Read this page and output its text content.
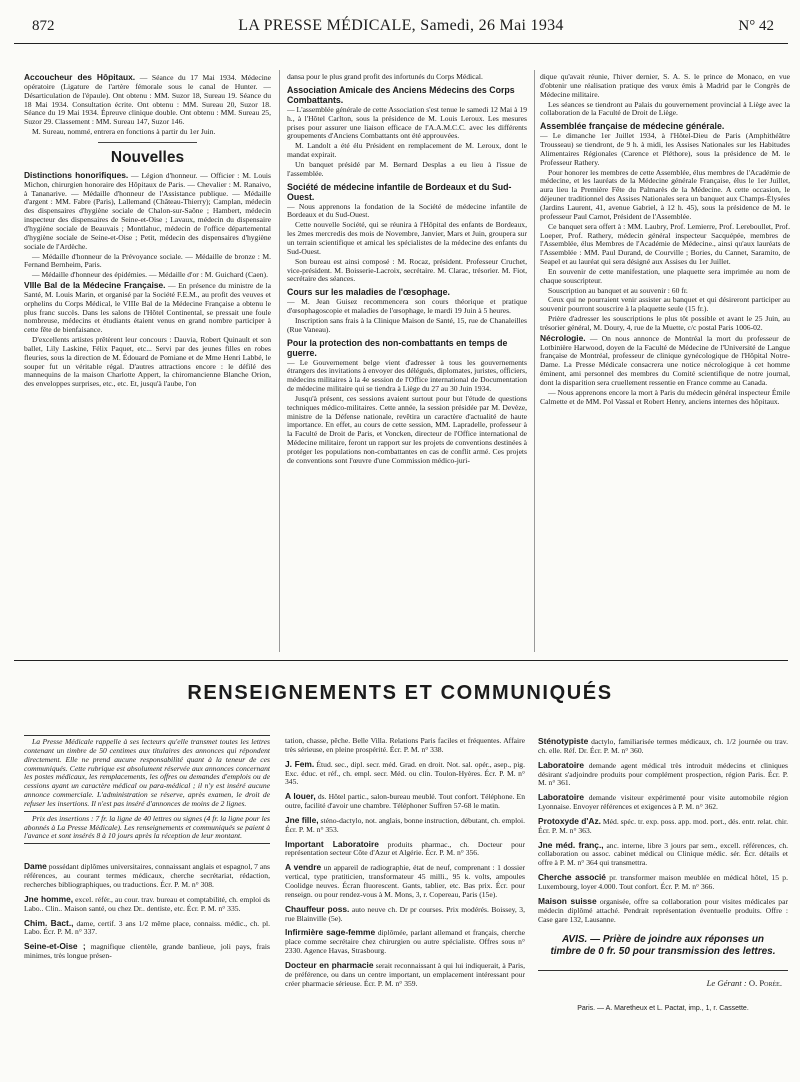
872	LA PRESSE MÉDICALE, Samedi, 26 Mai 1934	N° 42

Accoucheur des Hôpitaux. — Séance du 17 Mai 1934. Médecine opératoire (Ligature de l'artère fémorale sous le canal de Hunter. — Désarticulation de l'épaule). Ont obtenu : MM. Suzor 18, Sureau 19. Séance du 18 Mai 1934. Consultation écrite. Ont obtenu : MM. Sureau 20, Suzor 18. Séance du 19 Mai 1934. Épreuve clinique double. Ont obtenu : MM. Sureau 25, Suzor 29. Classement : MM. Sureau 147, Suzor 146.

M. Sureau, nommé, entrera en fonctions à partir du 1er Juin.

Nouvelles

Distinctions honorifiques. — Légion d'honneur. — Officier : M. Louis Michon, chirurgien honoraire des Hôpitaux de Paris. — Chevalier : M. Ranaivo, à Tananarive. — Médaille d'honneur de l'Assistance publique. — Médaille d'argent : MM. Fabre (Paris), Lallemand (Château-Thierry); Camplan, médecin des dispensaires d'hygiène sociale de Chalon-sur-Saône ; Hambert, médecin inspecteur des dispensaires de Seine-et-Oise ; Lavaux, médecin du dispensaire d'hygiène sociale de Beauvais ; Montlahuc, médecin de l'office départemental d'hygiène sociale de Seine-et-Oise ; Petit, médecin des dispensaires d'hygiène sociale de l'Ardèche.

— Médaille d'honneur de la Prévoyance sociale. — Médaille de bronze : M. Fernand Bernheim, Paris.

— Médaille d'honneur des épidémies. — Médaille d'or : M. Guichard (Caen).

VIIIe Bal de la Médecine Française. — En présence du ministre de la Santé, M. Louis Marin, et organisé par la Société F.E.M., au profit des veuves et orphelins du Corps Médical, le VIIIe Bal de la Médecine Française a obtenu le plus franc succès. Dans les salons de l'Hôtel Continental, se pressait une foule nombreuse, médecins et étudiants étaient venus en grand nombre participer à cette fête de bienfaisance.

D'excellents artistes prêtèrent leur concours : Dauvia, Robert Quinault et son ballet, Lily Laskine, Félix Paquet, etc... Servi par des jeunes filles en robes fleuries, sous la direction de M. Édouard de Pomiane et de Mme Henri Labbé, le souper fut un véritable régal. D'autres attractions encore : le défilé des mannequins de la maison Charlotte Appert, la chiromancienne Blanche Orion, des enveloppes surprises, etc., etc. Et, jusqu'à l'aube, l'on

dansa pour le plus grand profit des infortunés du Corps Médical.

Association Amicale des Anciens Médecins des Corps Combattants.

— L'assemblée générale de cette Association s'est tenue le samedi 12 Mai à 19 h., à l'Hôtel Carlton, sous la présidence de M. Louis Leroux. Les mesures prises pour assurer une liaison efficace de l'A.A.M.C.C. avec les différents groupements d'Anciens Combattants ont été approuvées.

M. Landolt a été élu Président en remplacement de M. Leroux, dont le mandat expirait.

Un banquet présidé par M. Bernard Desplas a eu lieu à l'issue de l'assemblée.

Société de médecine infantile de Bordeaux et du Sud-Ouest.

— Nous apprenons la fondation de la Société de médecine infantile de Bordeaux et du Sud-Ouest.

Cette nouvelle Société, qui se réunira à l'Hôpital des enfants de Bordeaux, les 2mes mercredis des mois de Novembre, Janvier, Mars et Juin, groupera sur un terrain scientifique et amical les spécialistes de la médecine des enfants du Sud-Ouest.

Son bureau est ainsi composé : M. Rocaz, président. Professeur Cruchet, vice-président. M. Boisserie-Lacroix, secrétaire. M. Clarac, trésorier. M. Fiot, secrétaire des séances.

Cours sur les maladies de l'œsophage.

— M. Jean Guisez recommencera son cours théorique et pratique d'œsophagoscopie et maladies de l'œsophage, le mardi 19 Juin à 5 heures.

Inscription sans frais à la Clinique Maison de Santé, 15, rue de Chanaleilles (Rue Vaneau).

Pour la protection des non-combattants en temps de guerre.

— Le Gouvernement belge vient d'adresser à tous les gouvernements étrangers des invitations à envoyer des délégués, diplomates, juristes, officiers, médecins militaires à la 4e session de l'Office international de Documentation de médecine militaire qui se tiendra à Liège du 27 au 30 Juin 1934.

Jusqu'à présent, ces sessions avaient surtout pour but l'étude de questions techniques médico-militaires. Cette année, la session présidée par M. Devèze, ministre de la Défense nationale, revêtira un caractère d'actualité de haute importance. En effet, au cours de cette session, MM. Lapradelle, professeur à la Faculté de Droit de Paris, et Voncken, directeur de l'Office international de Médecine militaire, feront un rapport sur les projets de conventions destinées à protéger les populations non-combattantes en cas de conflit armé. Ces projets de conventions sont l'œuvre d'une Commission médico-juri-

dique qu'avait réunie, l'hiver dernier, S. A. S. le prince de Monaco, en vue d'obtenir une réalisation pratique des vœux émis à Madrid par le Congrès de Médecine militaire.

Les séances se tiendront au Palais du gouvernement provincial à Liège avec la collaboration de la Faculté de Droit de Liège.

Assemblée française de médecine générale.

— Le dimanche 1er Juillet 1934, à l'Hôtel-Dieu de Paris (Amphithéâtre Trousseau) se tiendront, de 9 h. à midi, les Assises Nationales sur les Habitudes Alimentaires Régionales (Carence et Pléthore), sous la présidence de M. le Professeur Rathery.

Pour honorer les membres de cette Assemblée, élus membres de l'Académie de médecine, et les lauréats de la Médecine générale Française, élus le 1er Juillet, aura lieu la Première Fête du Palmarès de la Médecine. A cette occasion, le déjeuner traditionnel des Assises Nationales sera un banquet aux Champs-Élysées (Jardins Laurent, 41, avenue Gabriel, à 12 h. 45), sous la présidence de M. le professeur Paul Carnot, Président de l'Assemblée.

Ce banquet sera offert à : MM. Laubry, Prof. Lemierre, Prof. Lereboullet, Prof. Loeper, Prof. Rathery, médecin général inspecteur Sacquépée, membres de l'Assemblée, élus Membres de l'Académie de Médecine., ainsi qu'aux lauréats de l'Assemblée : MM. Paul Durand, de Courville ; Bories, du Cannet, Saramito, de Seapel et au lauréat qui sera désigné aux Assises du 1er Juillet.

En souvenir de cette manifestation, une plaquette sera imprimée au nom de chaque souscripteur.

Souscription au banquet et au souvenir : 60 fr.

Ceux qui ne pourraient venir assister au banquet et qui désireront participer au souvenir pourront souscrire à la plaquette seule (15 fr.).

Prière d'adresser les souscriptions le plus tôt possible et avant le 25 Juin, au trésorier général, M. Doury, 4, rue de la Muette, c/c postal Paris 1006-02.

Nécrologie. — On nous annonce de Montréal la mort du professeur de Lotbinière Harwood, doyen de la Faculté de Médecine de l'Université de Langue française de Montréal, professeur de clinique gynécologique de l'Hôpital Notre-Dame. La Presse Médicale consacrera une notice nécrologique à cet homme éminent, ami personnel des membres du Comité scientifique de notre journal, dont la disparition sera cruellement ressentie en France comme au Canada.

— Nous apprenons encore la mort à Paris du médecin général inspecteur Émile Calmette et de MM. Pol Vassal et Robert Henry, anciens internes des hôpitaux.

RENSEIGNEMENTS ET COMMUNIQUÉS

La Presse Médicale rappelle à ses lecteurs qu'elle transmet toutes les lettres contenant un timbre de 50 centimes aux titulaires des annonces qui répondent directement. Elle ne prend aucune responsabilité quant à la teneur de ces communiqués. Cette rubrique est absolument réservée aux annonces concernant les postes médicaux, les remplacements, les offres ou demandes d'emplois ou de cessions ayant un caractère médical ou para-médical ; il n'y est inséré aucune annonce commerciale. L'administration se réserve, après examen, le droit de refuser les insertions. Il n'est pas inséré d'annonces de moins de 2 lignes.

Prix des insertions : 7 fr. la ligne de 40 lettres ou signes (4 fr. la ligne pour les abonnés à La Presse Médicale). Les renseignements et communiqués se paient à l'avance et sont insérés 8 à 10 jours après la réception de leur montant.

Dame possédant diplômes universitaires, connaissant anglais et espagnol, 7 ans références, au courant termes médicaux, cherche secrétariat, rédaction, recherches bibliographiques, ou traductions. Écr. P. M. n° 308.

Jne homme, excel. référ., au cour. trav. bureau et comptabilité, ch. emploi ds Labo.. Clin.. Maison santé, ou chez Dr.. dentiste, etc. Écr. P. M. n° 335.

Chim. Bact., dame, certif. 3 ans 1/2 même place, connaiss. médic., ch. pl. Labo. Écr. P. M. n° 337.

Seine-et-Oise ; magnifique clientèle, grande banlieue, joli pays, frais minimes, très longue présen-

tation, chasse, pêche. Belle Villa. Relations Paris faciles et fréquentes. Affaire très sérieuse, en pleine prospérité. Écr. P. M. n° 338.

J. Fem. Étud. sec., dipl. secr. méd. Grad. en droit. Not. sal. opér., asep., pig. Exc. éduc. et réf., ch. empl. secr. Méd. ou clin. Toulon-Hyères. Écr. P. M. n° 345.

A louer, ds. Hôtel partic., salon-bureau meublé. Tout confort. Téléphone. En outre, facilité d'avoir une chambre. Téléphoner Suffren 57-68 le matin.

Jne fille, sténo-dactylo, not. anglais, bonne instruction, débutant, ch. emploi. Écr. P. M. n° 353.

Important Laboratoire produits pharmac., ch. Docteur pour représentation secteur Côte d'Azur et Algérie. Écr. P. M. n° 356.

A vendre un appareil de radiographie, état de neuf, comprenant : 1 dossier vertical, type pratiticien, transformateur 45 milli., 95 k. volts, ampoules Coolidge neuves. Écran fluorescent. Gants, tablier, etc. Bas prix. Écr. pour renseign. ou pour rendez-vous à M. Mons, 3, r. Copereau, Paris (15e).

Chauffeur poss. auto neuve ch. Dr pr courses. Prix modérés. Boissey, 3, rue Blainville (5e).

Infirmière sage-femme diplômée, parlant allemand et français, cherche place comme secrétaire chez chirurgien ou autre spécialiste. Offres sous n° 2330. Agence Havas, Strasbourg.

Docteur en pharmacie serait reconnaissant à qui lui indiquerait, à Paris, de préférence, ou dans un centre important, un emplacement intéressant pour créer pharmacie sérieuse. Écr. P. M. n° 359.

Sténotypiste dactylo, familiarisée termes médicaux, ch. 1/2 journée ou trav. ch. elle. Réf. Dr. Écr. P. M. n° 360.

Laboratoire demande agent médical très introduit médecins et cliniques désirant s'adjoindre produits pour complément prospection, région Paris. Écr. P. M. n° 361.

Laboratoire demande visiteur expérimenté pour visite automobile région Lyonnaise. Envoyer références et exigences à P. M. n° 362.

Protoxyde d'Az. Méd. spéc. tr. exp. poss. app. mod. port., dés. entr. relat. chir. Écr. P. M. n° 363.

Jne méd. franç., anc. interne, libre 3 jours par sem., excell. références, ch. collaboration ou assoc. cabinet médical ou Clinique médic. sér. Écr. détails et offre à P. M. n° 364 qui transmettra.

Cherche associé pr. transformer maison meublée en médical hôtel, 15 p. Luxembourg, loyer 4.000. Tout confort. Écr. P. M. n° 366.

Maison suisse organisée, offre sa collaboration pour visites médicales par médecin diplômé attaché. Pendrait représentation éventuelle produits. Offre : Case gare 132, Lausanne.

AVIS. — Prière de joindre aux réponses un
timbre de 0 fr. 50 pour transmission des lettres.
Le Gérant : O. Porée.
Paris. — A. Maretheux et L. Pactat, imp., 1, r. Cassette.
